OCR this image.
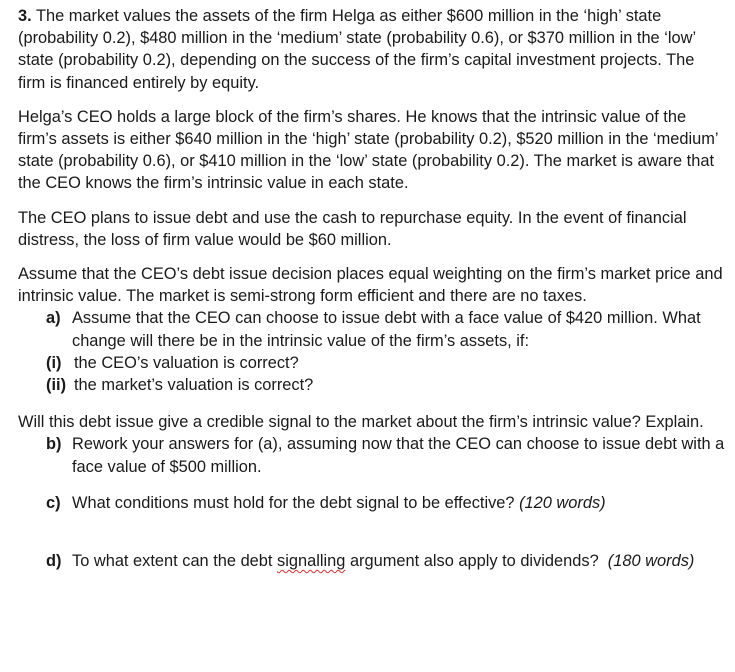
3. The market values the assets of the firm Helga as either $600 million in the ‘high’ state (probability 0.2), $480 million in the ‘medium’ state (probability 0.6), or $370 million in the ‘low’ state (probability 0.2), depending on the success of the firm’s capital investment projects. The firm is financed entirely by equity.

Helga’s CEO holds a large block of the firm’s shares. He knows that the intrinsic value of the firm’s assets is either $640 million in the ‘high’ state (probability 0.2), $520 million in the ‘medium’ state (probability 0.6), or $410 million in the ‘low’ state (probability 0.2). The market is aware that the CEO knows the firm’s intrinsic value in each state.

The CEO plans to issue debt and use the cash to repurchase equity. In the event of financial distress, the loss of firm value would be $60 million.

Assume that the CEO’s debt issue decision places equal weighting on the firm’s market price and intrinsic value. The market is semi-strong form efficient and there are no taxes.

a) Assume that the CEO can choose to issue debt with a face value of $420 million. What change will there be in the intrinsic value of the firm’s assets, if:

(i) the CEO’s valuation is correct?

(ii) the market’s valuation is correct?

Will this debt issue give a credible signal to the market about the firm’s intrinsic value? Explain.

b) Rework your answers for (a), assuming now that the CEO can choose to issue debt with a face value of $500 million.

c) What conditions must hold for the debt signal to be effective? (120 words)

d) To what extent can the debt signalling argument also apply to dividends? (180 words)
